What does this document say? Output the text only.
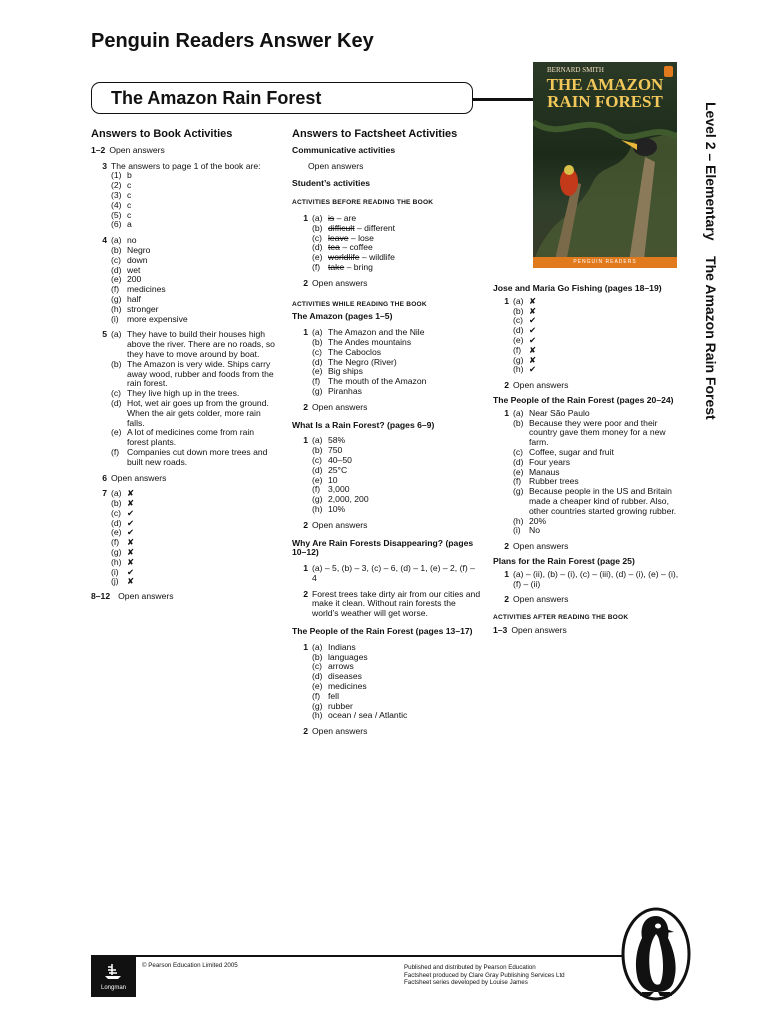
Penguin Readers Answer Key
The Amazon Rain Forest
BERNARD SMITH
THE AMAZON
RAIN FOREST
PENGUIN READERS	Level 2 – Elementary    The Amazon Rain Forest
Answers to Book Activities
1–2 Open answers
3 The answers to page 1 of the book are:
(1) b
(2) c
(3) c
(4) c
(5) c
(6) a
4 (a) no
(b) Negro
(c) down
(d) wet
(e) 200
(f) medicines
(g) half
(h) stronger
(i) more expensive
5 (a) They have to build their houses high above the river. There are no roads, so they have to move around by boat.
(b) The Amazon is very wide. Ships carry away wood, rubber and foods from the rain forest.
(c) They live high up in the trees.
(d) Hot, wet air goes up from the ground. When the air gets colder, more rain falls.
(e) A lot of medicines come from rain forest plants.
(f) Companies cut down more trees and built new roads.
6 Open answers
7 (a) ✘
(b) ✘
(c) ✔
(d) ✔
(e) ✔
(f) ✘
(g) ✘
(h) ✘
(i) ✔
(j) ✘
8–12 Open answers
Answers to Factsheet Activities
Communicative activities
Open answers
Student’s activities
ACTIVITIES BEFORE READING THE BOOK
1 (a) is – are
(b) difficult – different
(c) leave – lose
(d) tea – coffee
(e) worldlife – wildlife
(f) take – bring
2 Open answers
ACTIVITIES WHILE READING THE BOOK
The Amazon (pages 1–5)
1 (a) The Amazon and the Nile
(b) The Andes mountains
(c) The Caboclos
(d) The Negro (River)
(e) Big ships
(f) The mouth of the Amazon
(g) Piranhas
2 Open answers
What Is a Rain Forest? (pages 6–9)
1 (a) 58%
(b) 750
(c) 40–50
(d) 25°C
(e) 10
(f) 3,000
(g) 2,000, 200
(h) 10%
2 Open answers
Why Are Rain Forests Disappearing? (pages 10–12)
1 (a) – 5, (b) – 3, (c) – 6, (d) – 1, (e) – 2, (f) – 4
2 Forest trees take dirty air from our cities and make it clean. Without rain forests the world’s weather will get worse.
The People of the Rain Forest (pages 13–17)
1 (a) Indians
(b) languages
(c) arrows
(d) diseases
(e) medicines
(f) fell
(g) rubber
(h) ocean / sea / Atlantic
2 Open answers
Jose and Maria Go Fishing (pages 18–19)
1 (a) ✘
(b) ✘
(c) ✔
(d) ✔
(e) ✔
(f) ✘
(g) ✘
(h) ✔
2 Open answers
The People of the Rain Forest (pages 20–24)
1 (a) Near São Paulo
(b) Because they were poor and their country gave them money for a new farm.
(c) Coffee, sugar and fruit
(d) Four years
(e) Manaus
(f) Rubber trees
(g) Because people in the US and Britain made a cheaper kind of rubber. Also, other countries started growing rubber.
(h) 20%
(i) No
2 Open answers
Plans for the Rain Forest (page 25)
1 (a) – (ii), (b) – (i), (c) – (iii), (d) – (i), (e) – (i), (f) – (ii)
2 Open answers
ACTIVITIES AFTER READING THE BOOK
1–3 Open answers
Longman
© Pearson Education Limited 2005	Published and distributed by Pearson Education
Factsheet produced by Clare Gray Publishing Services Ltd
Factsheet series developed by Louise James
